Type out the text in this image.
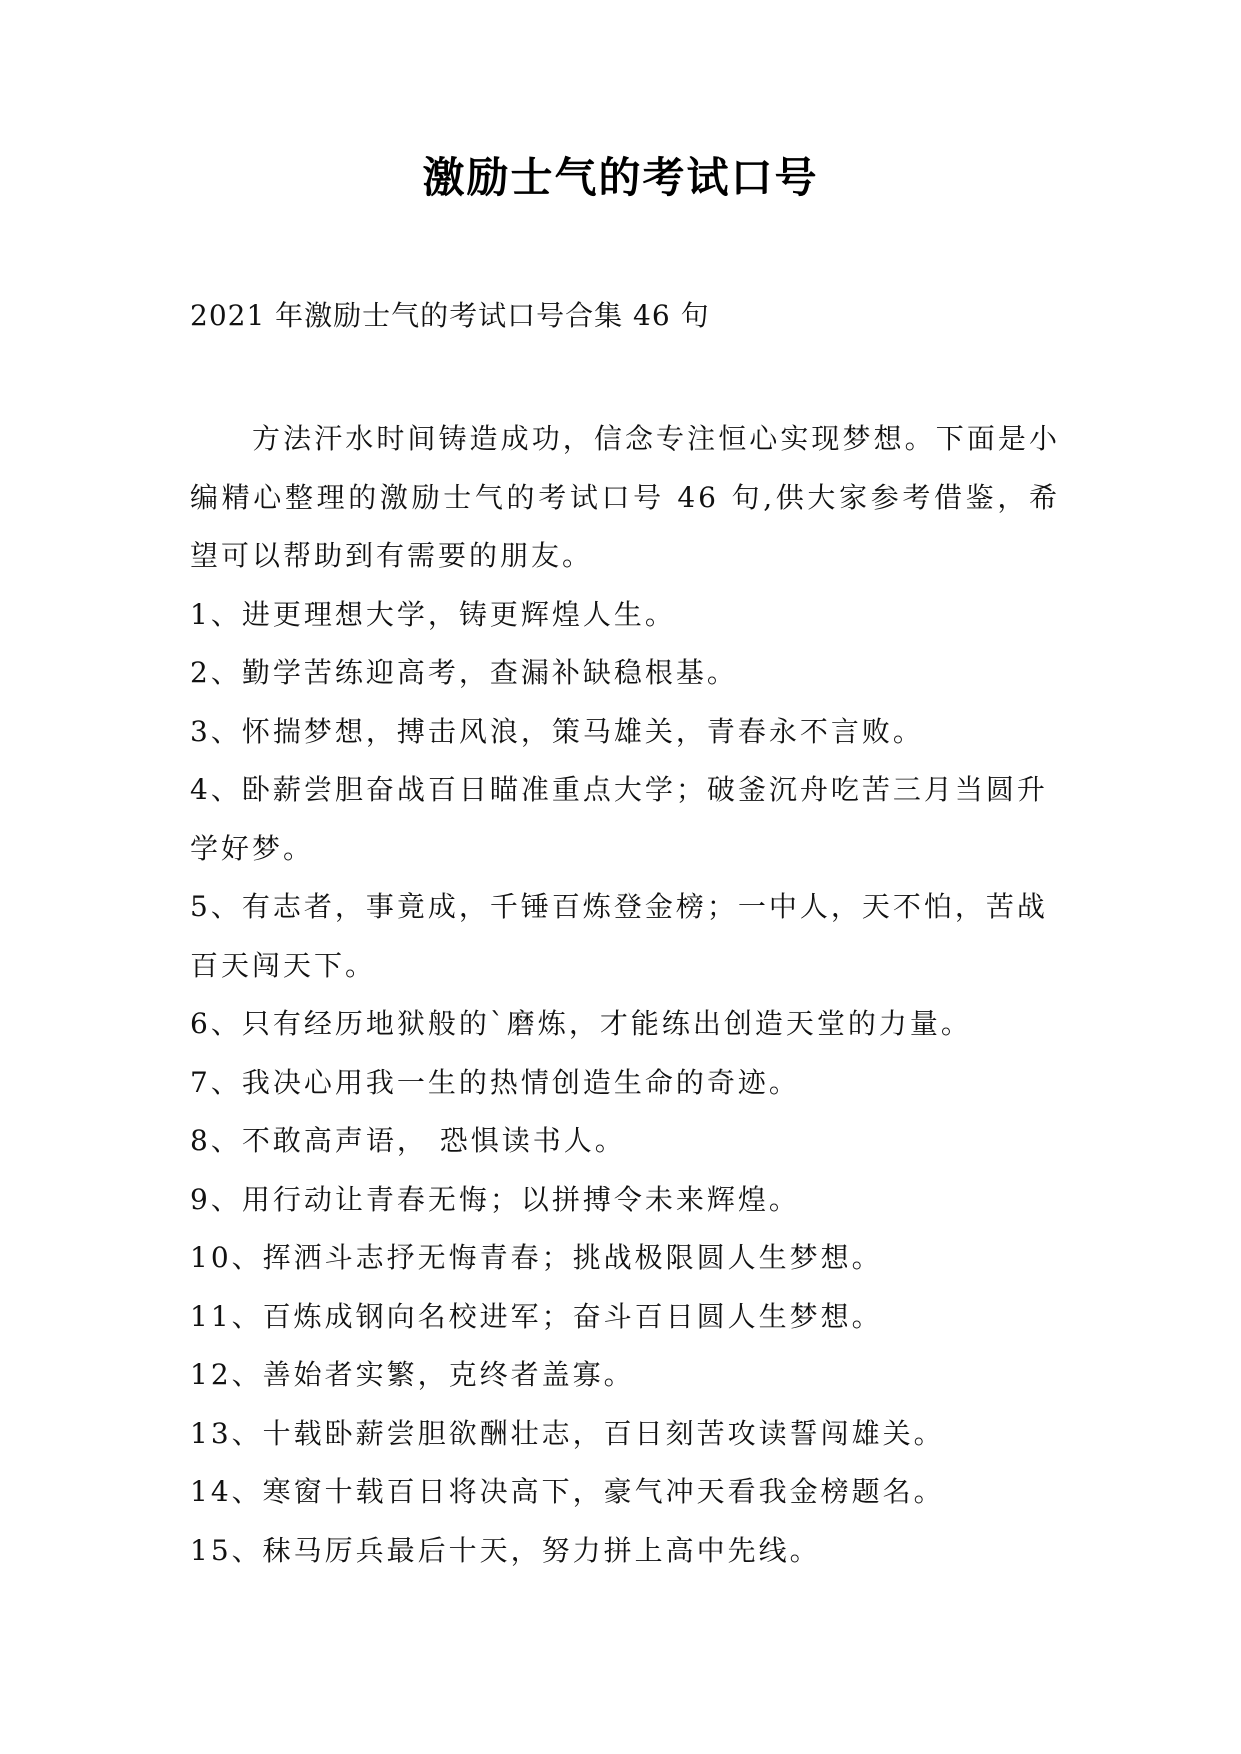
激励士气的考试口号
2021 年激励士气的考试口号合集 46 句

方法汗水时间铸造成功，信念专注恒心实现梦想。下面是小编精心整理的激励士气的考试口号 46 句,供大家参考借鉴，希望可以帮助到有需要的朋友。

1、进更理想大学，铸更辉煌人生。

2、勤学苦练迎高考，查漏补缺稳根基。

3、怀揣梦想，搏击风浪，策马雄关，青春永不言败。

4、卧薪尝胆奋战百日瞄准重点大学；破釜沉舟吃苦三月当圆升学好梦。

5、有志者，事竟成，千锤百炼登金榜；一中人，天不怕，苦战百天闯天下。

6、只有经历地狱般的`磨炼，才能练出创造天堂的力量。

7、我决心用我一生的热情创造生命的奇迹。

8、不敢高声语， 恐惧读书人。

9、用行动让青春无悔；以拼搏令未来辉煌。

10、挥洒斗志抒无悔青春；挑战极限圆人生梦想。

11、百炼成钢向名校进军；奋斗百日圆人生梦想。

12、善始者实繁，克终者盖寡。

13、十载卧薪尝胆欲酬壮志，百日刻苦攻读誓闯雄关。

14、寒窗十载百日将决高下，豪气冲天看我金榜题名。

15、秣马厉兵最后十天，努力拼上高中先线。
